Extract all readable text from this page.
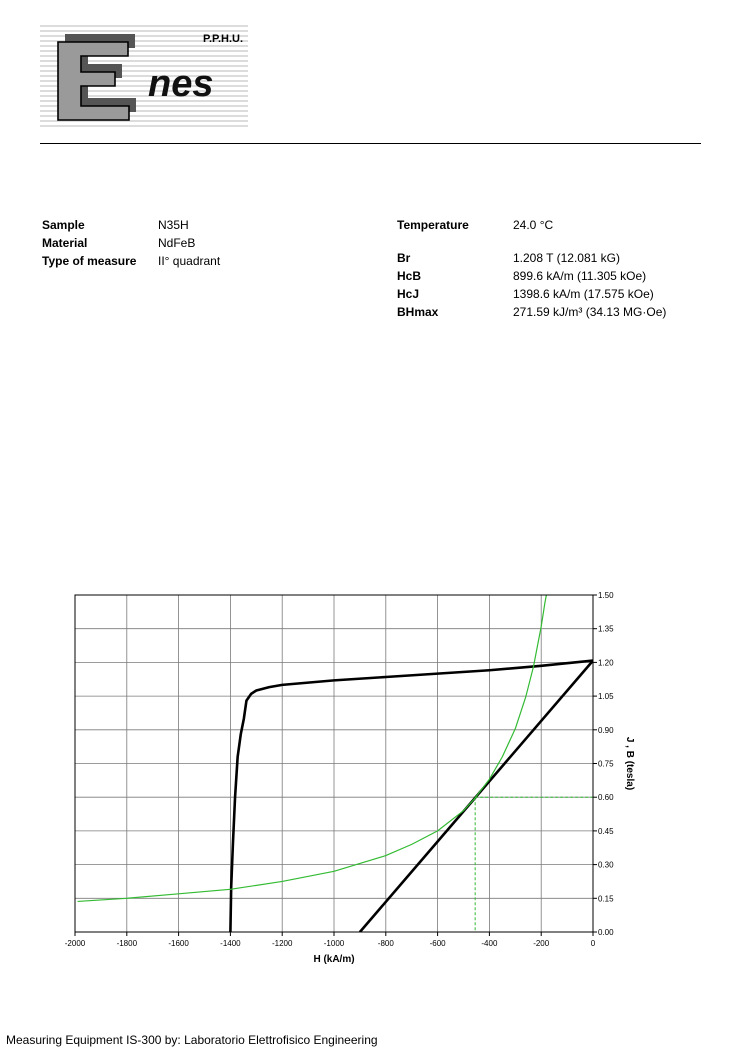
P.P.H.U.
nes
Sample	N35H
Material	NdFeB
Type of measure	II° quadrant
Temperature	24.0 °C
Br	1.208 T (12.081 kG)
HcB	899.6 kA/m (11.305 kOe)
HcJ	1398.6 kA/m (17.575 kOe)
BHmax	271.59 kJ/m³ (34.13 MG·Oe)
-2000	-1800	-1600	-1400	-1200	-1000	-800	-600	-400	-200	0
0.00
0.15
0.30
0.45
0.60
0.75
0.90
1.05
1.20
1.35
1.50
H (kA/m)
J , B (tesla)
Measuring Equipment IS-300 by: Laboratorio Elettrofisico Engineering
